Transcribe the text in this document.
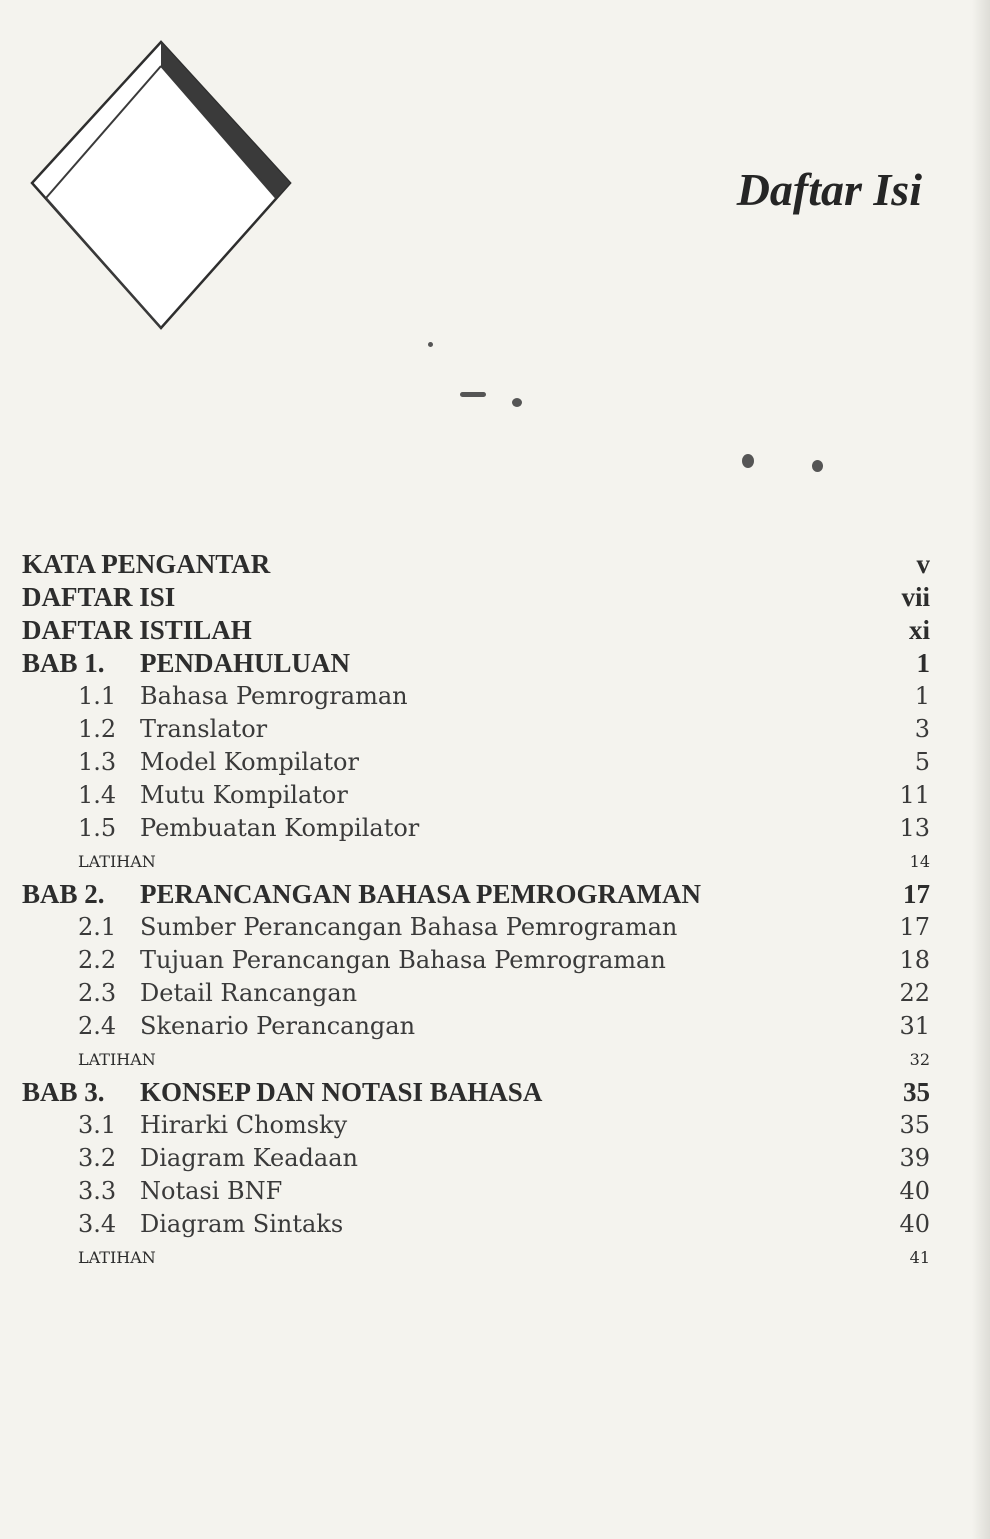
Daftar Isi
KATA PENGANTAR	v
DAFTAR ISI	vii
DAFTAR ISTILAH	xi
BAB 1. PENDAHULUAN	1
1.1 Bahasa Pemrograman	1
1.2 Translator	3
1.3 Model Kompilator	5
1.4 Mutu Kompilator	11
1.5 Pembuatan Kompilator	13
LATIHAN	14
BAB 2. PERANCANGAN BAHASA PEMROGRAMAN	17
2.1 Sumber Perancangan Bahasa Pemrograman	17
2.2 Tujuan Perancangan Bahasa Pemrograman	18
2.3 Detail Rancangan	22
2.4 Skenario Perancangan	31
LATIHAN	32
BAB 3. KONSEP DAN NOTASI BAHASA	35
3.1 Hirarki Chomsky	35
3.2 Diagram Keadaan	39
3.3 Notasi BNF	40
3.4 Diagram Sintaks	40
LATIHAN	41
